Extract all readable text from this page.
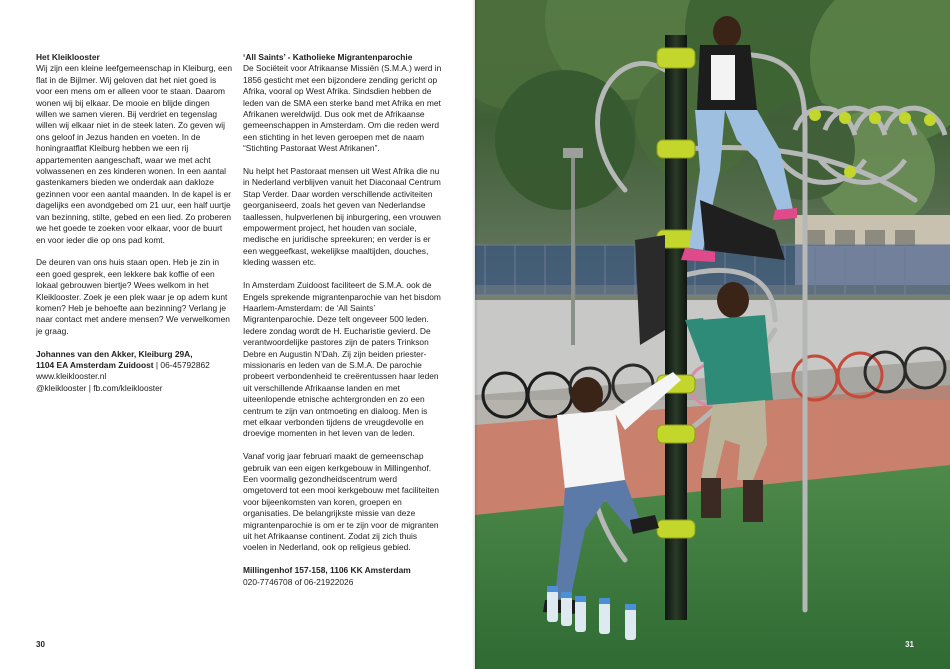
Het Kleiklooster

Wij zijn een kleine leefgemeenschap in Kleiburg, een flat in de Bijlmer. Wij geloven dat het niet goed is voor een mens om er alleen voor te staan. Daarom wonen wij bij elkaar. De mooie en blijde dingen willen we samen vieren. Bij verdriet en tegenslag willen wij elkaar niet in de steek laten. Zo geven wij ons geloof in Jezus handen en voeten. In de honingraatflat Kleiburg hebben we een rij appartementen aangeschaft, waar we met acht volwassenen en zes kinderen wonen. In een aantal gastenkamers bieden we onderdak aan dakloze gezinnen voor een aantal maanden. In de kapel is er dagelijks een avondgebed om 21 uur, een half uurtje van bezinning, stilte, gebed en een lied. Zo proberen we het goede te zoeken voor elkaar, voor de buurt en voor ieder die op ons pad komt.

De deuren van ons huis staan open. Heb je zin in een goed gesprek, een lekkere bak koffie of een lokaal gebrouwen biertje? Wees welkom in het Kleiklooster. Zoek je een plek waar je op adem kunt komen? Heb je behoefte aan bezinning? Verlang je naar contact met andere mensen? We verwelkomen je graag.

Johannes van den Akker, Kleiburg 29A,
1104 EA Amsterdam Zuidoost | 06-45792862
www.kleiklooster.nl
@kleiklooster | fb.com/kleiklooster

‘All Saints’ - Katholieke Migrantenparochie

De Sociëteit voor Afrikaanse Missiën (S.M.A.) werd in 1856 gesticht met een bijzondere zending gericht op Afrika, vooral op West Afrika. Sindsdien hebben de leden van de SMA een sterke band met Afrika en met Afrikanen wereldwijd. Dus ook met de Afrikaanse gemeenschappen in Amsterdam. Om die reden werd een stichting in het leven geroepen met de naam “Stichting Pastoraat West Afrikanen”.

Nu helpt het Pastoraat mensen uit West Afrika die nu in Nederland verblijven vanuit het Diaconaal Centrum Stap Verder. Daar worden verschillende activiteiten georganiseerd, zoals het geven van Nederlandse taallessen, hulpverlenen bij inburgering, een vrouwen empowerment project, het houden van sociale, medische en juridische spreekuren; en verder is er een weggeefkast, wekelijkse maaltijden, douches, kleding wassen etc.

In Amsterdam Zuidoost faciliteert de S.M.A. ook de Engels sprekende migrantenparochie van het bisdom Haarlem-Amsterdam: de ‘All Saints’ Migrantenparochie. Deze telt ongeveer 500 leden. Iedere zondag wordt de H. Eucharistie gevierd. De verantwoordelijke pastores zijn de paters Trinkson Debre en Augustin N’Dah. Zij zijn beiden priester-missionaris en leden van de S.M.A. De parochie probeert verbondenheid te creërentussen haar leden uit verschillende Afrikaanse landen en met uiteenlopende etnische achtergronden en zo een centrum te zijn van ontmoeting en dialoog. Men is met elkaar verbonden tijdens de vreugdevolle en droevige momenten in het leven van de leden.

Vanaf vorig jaar februari maakt de gemeenschap gebruik van een eigen kerkgebouw in Millingenhof. Een voormalig gezondheidscentrum werd omgetoverd tot een mooi kerkgebouw met faciliteiten voor bijeenkomsten van koren, groepen en organisaties. De belangrijkste missie van deze migrantenparochie is om er te zijn voor de migranten uit het Afrikaanse continent. Zodat zij zich thuis voelen in Nederland, ook op religieus gebied.

Millingenhof 157-158, 1106 KK Amsterdam
020-7746708 of 06-21922026

30	31
